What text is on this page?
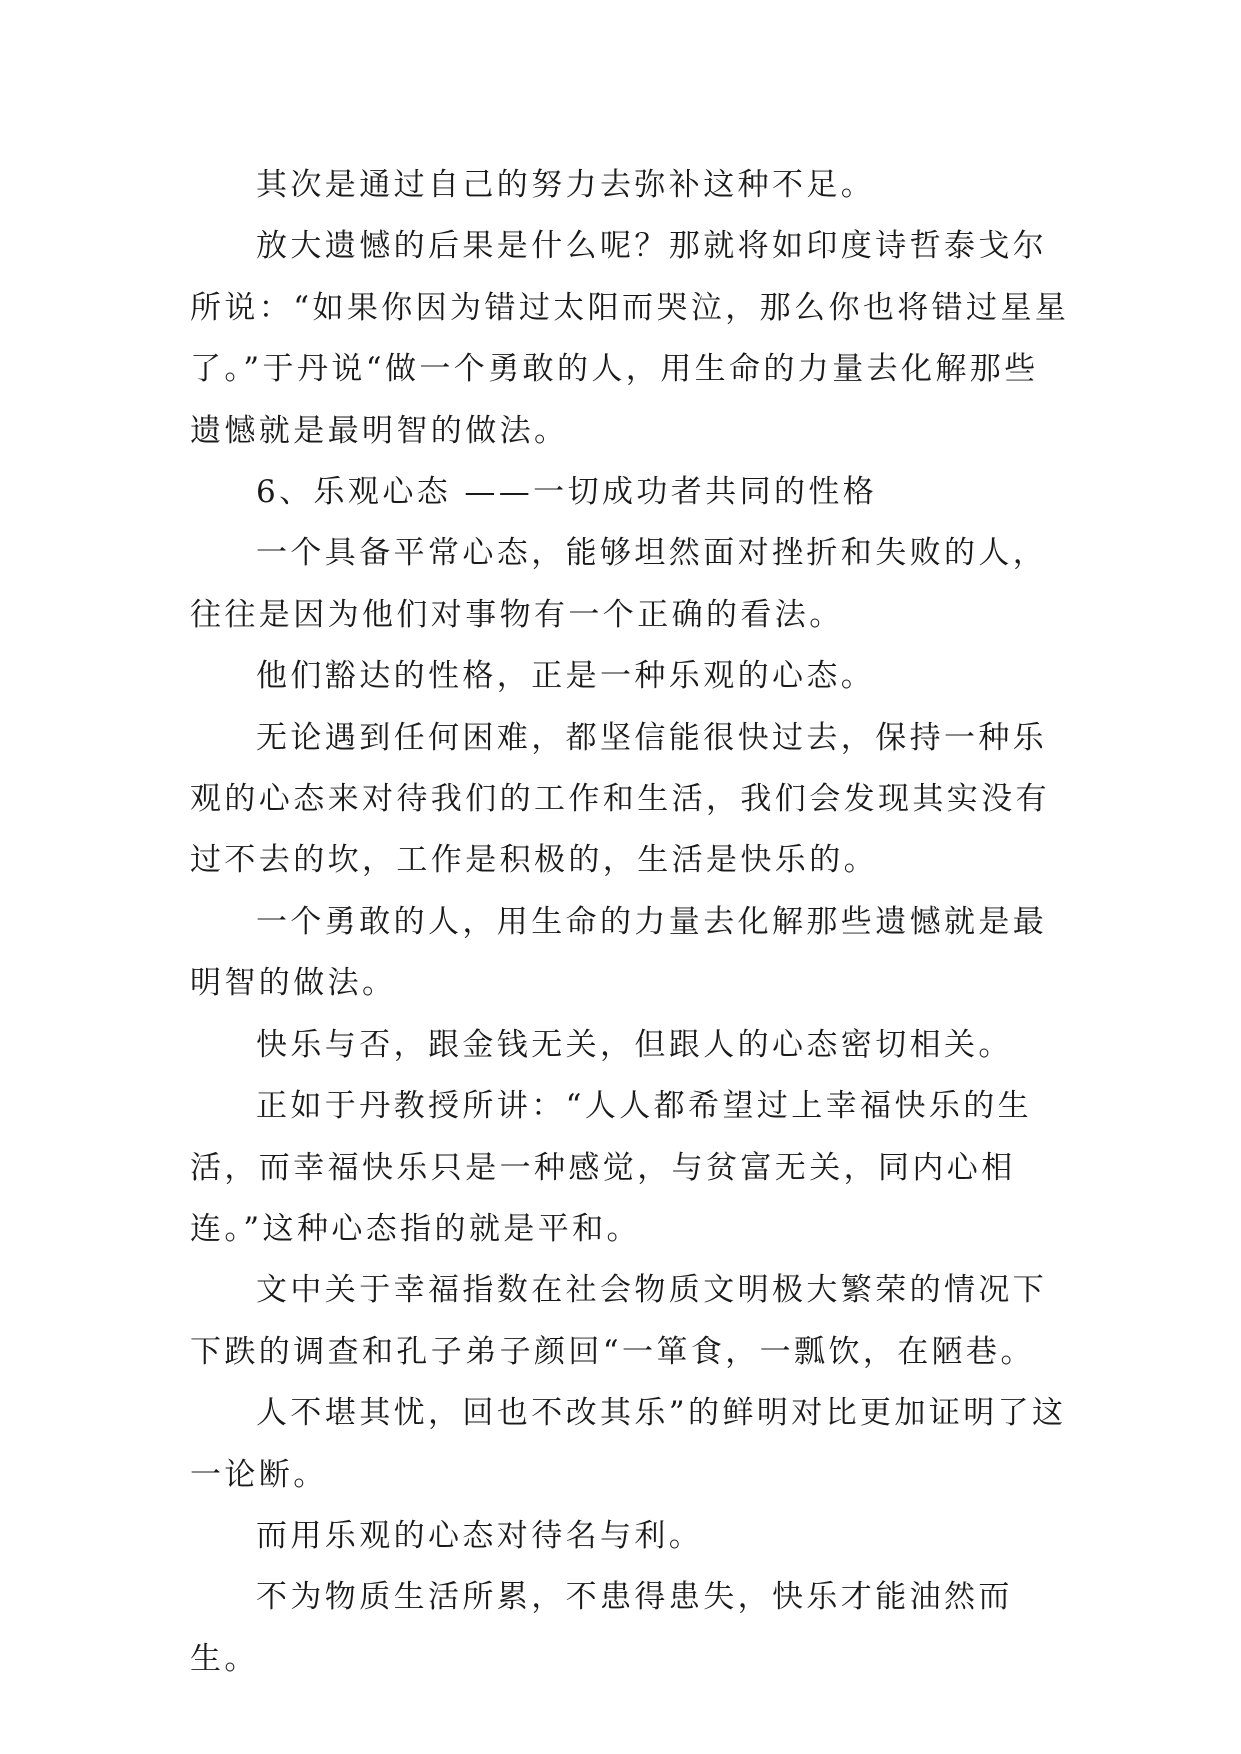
其次是通过自己的努力去弥补这种不足。

放大遗憾的后果是什么呢？那就将如印度诗哲泰戈尔所说：“如果你因为错过太阳而哭泣，那么你也将错过星星了。”于丹说“做一个勇敢的人，用生命的力量去化解那些遗憾就是最明智的做法。

6、乐观心态 ——一切成功者共同的性格

一个具备平常心态，能够坦然面对挫折和失败的人，往往是因为他们对事物有一个正确的看法。

他们豁达的性格，正是一种乐观的心态。

无论遇到任何困难，都坚信能很快过去，保持一种乐观的心态来对待我们的工作和生活，我们会发现其实没有过不去的坎，工作是积极的，生活是快乐的。

一个勇敢的人，用生命的力量去化解那些遗憾就是最明智的做法。

快乐与否，跟金钱无关，但跟人的心态密切相关。

正如于丹教授所讲：“人人都希望过上幸福快乐的生活，而幸福快乐只是一种感觉，与贫富无关，同内心相连。”这种心态指的就是平和。

文中关于幸福指数在社会物质文明极大繁荣的情况下下跌的调查和孔子弟子颜回“一箪食，一瓢饮，在陋巷。

人不堪其忧，回也不改其乐”的鲜明对比更加证明了这一论断。

而用乐观的心态对待名与利。

不为物质生活所累，不患得患失，快乐才能油然而生。
